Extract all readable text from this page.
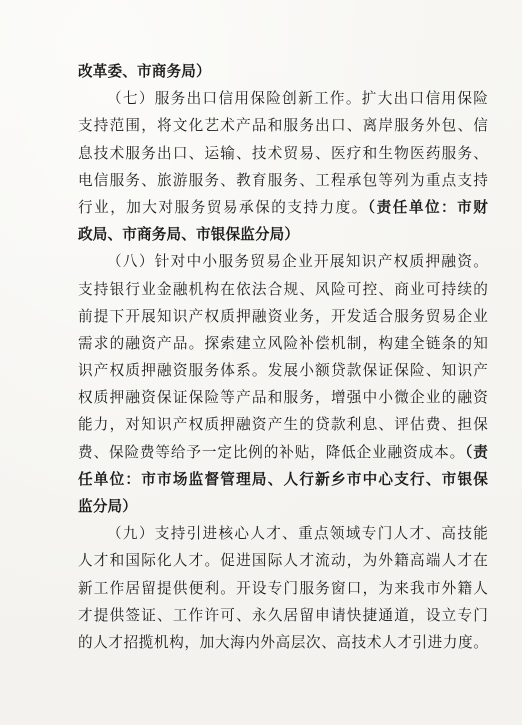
改革委、市商务局）
（七）服务出口信用保险创新工作。扩大出口信用保险
支持范围，将文化艺术产品和服务出口、离岸服务外包、信
息技术服务出口、运输、技术贸易、医疗和生物医药服务、
电信服务、旅游服务、教育服务、工程承包等列为重点支持
行业，加大对服务贸易承保的支持力度。（责任单位：市财
政局、市商务局、市银保监分局）
（八）针对中小服务贸易企业开展知识产权质押融资。
支持银行业金融机构在依法合规、风险可控、商业可持续的
前提下开展知识产权质押融资业务，开发适合服务贸易企业
需求的融资产品。探索建立风险补偿机制，构建全链条的知
识产权质押融资服务体系。发展小额贷款保证保险、知识产
权质押融资保证保险等产品和服务，增强中小微企业的融资
能力，对知识产权质押融资产生的贷款利息、评估费、担保
费、保险费等给予一定比例的补贴，降低企业融资成本。（责
任单位：市市场监督管理局、人行新乡市中心支行、市银保
监分局）
（九）支持引进核心人才、重点领域专门人才、高技能
人才和国际化人才。促进国际人才流动，为外籍高端人才在
新工作居留提供便利。开设专门服务窗口，为来我市外籍人
才提供签证、工作许可、永久居留申请快捷通道，设立专门
的人才招揽机构，加大海内外高层次、高技术人才引进力度。
